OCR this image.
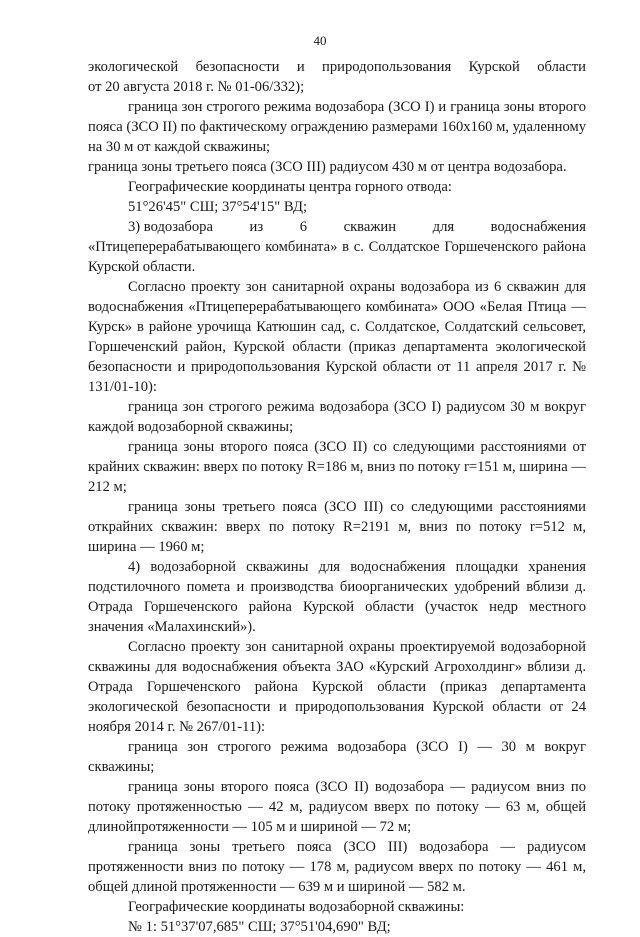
40

экологической безопасности и природопользования Курской области
от 20 августа 2018 г. № 01-06/332);

граница зон строгого режима водозабора (ЗСО I) и граница зоны второго пояса (ЗСО II) по фактическому ограждению размерами 160х160 м, удаленному на 30 м от каждой скважины;

граница зоны третьего пояса (ЗСО III) радиусом 430 м от центра водозабора.

Географические координаты центра горного отвода:

51°26'45" СШ; 37°54'15" ВД;

3) водозабора	из	6	скважин	для	водоснабжения

«Птицеперерабатывающего комбината» в с. Солдатское Горшеченского района Курской области.

Согласно проекту зон санитарной охраны водозабора из 6 скважин для водоснабжения «Птицеперерабатывающего комбината» ООО «Белая Птица — Курск» в районе урочища Катюшин сад, с. Солдатское, Солдатский сельсовет, Горшеченский район, Курской области (приказ департамента экологической безопасности и природопользования Курской области от 11 апреля 2017 г. № 131/01-10):

граница зон строгого режима водозабора (ЗСО I) радиусом 30 м вокруг каждой водозаборной скважины;

граница зоны второго пояса (ЗСО II) со следующими расстояниями от крайних скважин: вверх по потоку R=186 м, вниз по потоку r=151 м, ширина — 212 м;

граница зоны третьего пояса (ЗСО III) со следующими расстояниями открайних скважин: вверх по потоку R=2191 м, вниз по потоку r=512 м, ширина — 1960 м;

4) водозаборной скважины для водоснабжения площадки хранения подстилочного помета и производства биоорганических удобрений вблизи д. Отрада Горшеченского района Курской области (участок недр местного значения «Малахинский»).

Согласно проекту зон санитарной охраны проектируемой водозаборной скважины для водоснабжения объекта ЗАО «Курский Агрохолдинг» вблизи д. Отрада Горшеченского района Курской области (приказ департамента экологической безопасности и природопользования Курской области от 24 ноября 2014 г. № 267/01-11):

граница зон строгого режима водозабора (ЗСО I) — 30 м вокруг скважины;

граница зоны второго пояса (ЗСО II) водозабора — радиусом вниз по потоку протяженностью — 42 м, радиусом вверх по потоку — 63 м, общей длинойпротяженности — 105 м и шириной — 72 м;

граница зоны третьего пояса (ЗСО III) водозабора — радиусом протяженности вниз по потоку — 178 м, радиусом вверх по потоку — 461 м, общей длиной протяженности — 639 м и шириной — 582 м.

Географические координаты водозаборной скважины:

№ 1: 51°37'07,685" СШ; 37°51'04,690" ВД;
